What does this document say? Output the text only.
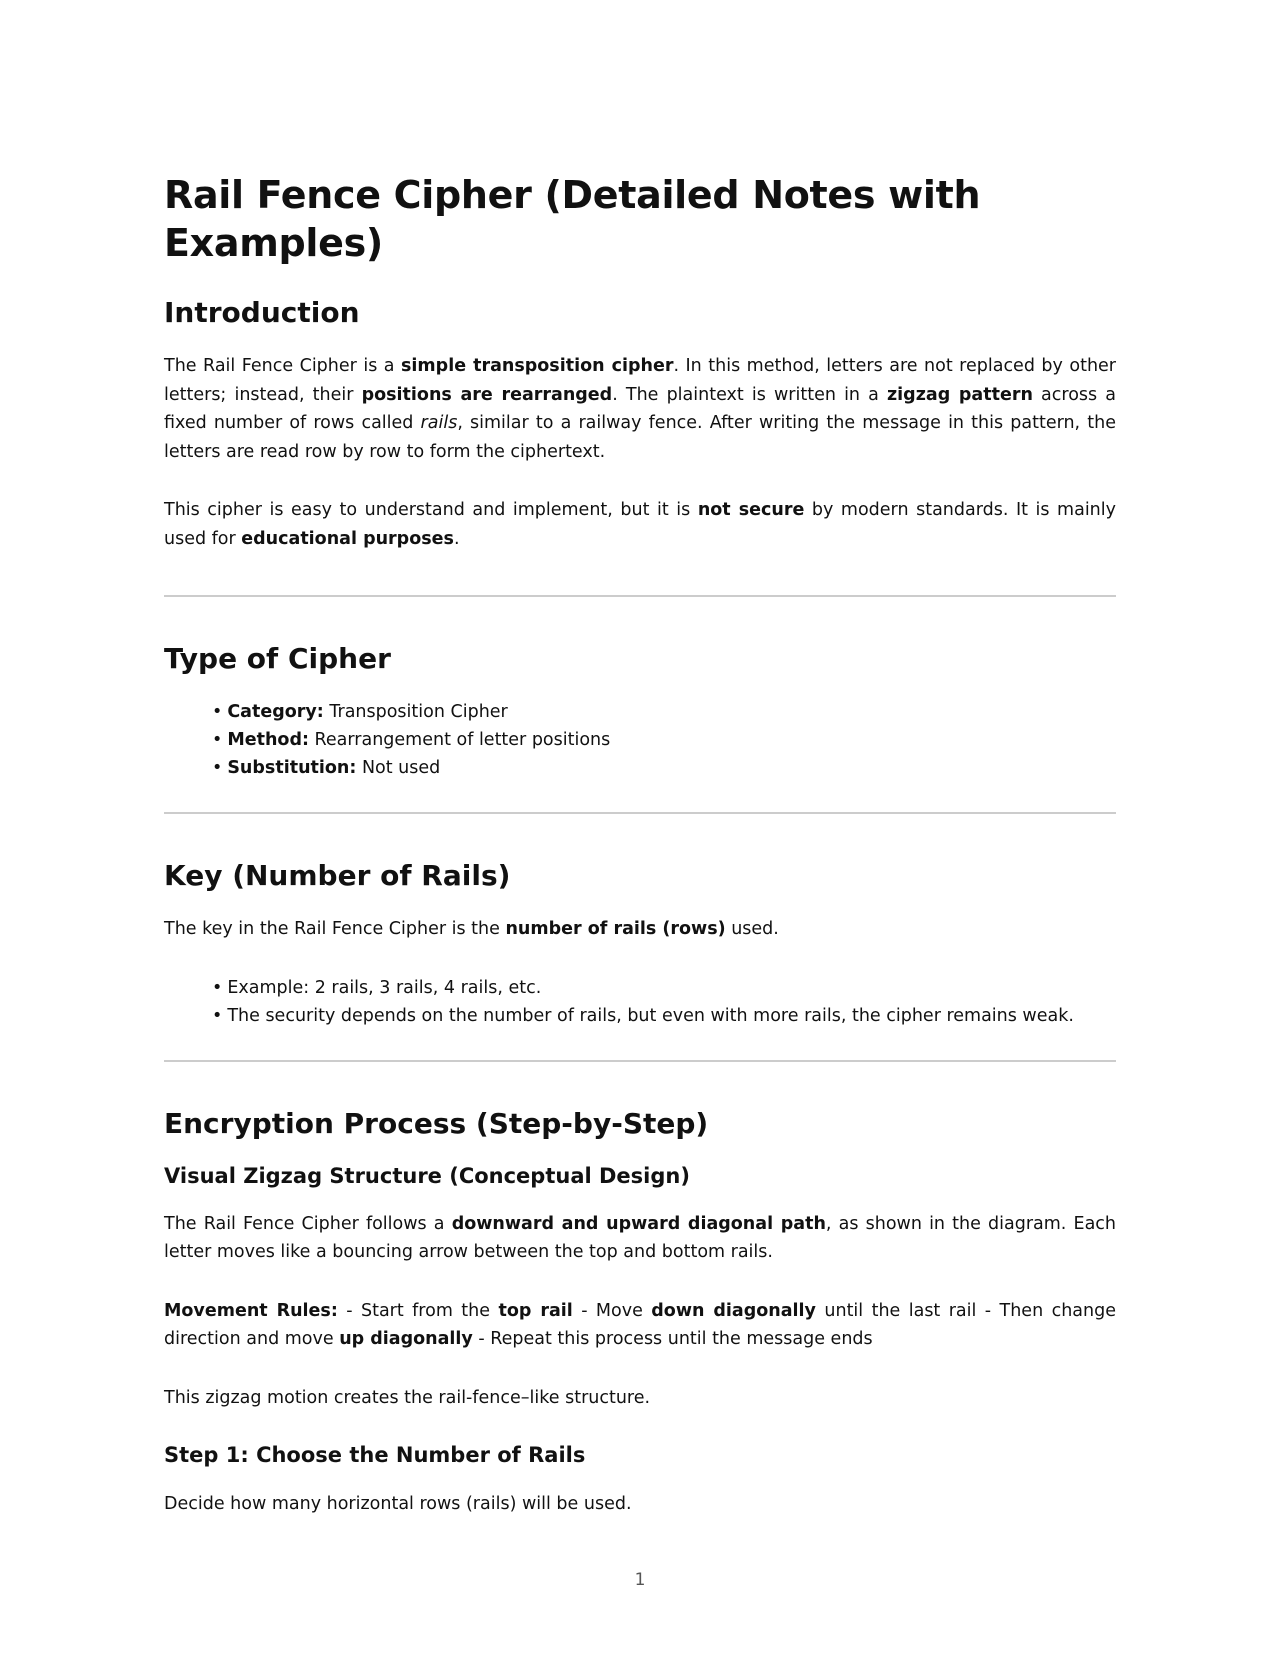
Rail Fence Cipher (Detailed Notes with Examples)
Introduction

The Rail Fence Cipher is a simple transposition cipher. In this method, letters are not replaced by other letters; instead, their positions are rearranged. The plaintext is written in a zigzag pattern across a fixed number of rows called rails, similar to a railway fence. After writing the message in this pattern, the letters are read row by row to form the ciphertext.

This cipher is easy to understand and implement, but it is not secure by modern standards. It is mainly used for educational purposes.

Type of Cipher
• Category: Transposition Cipher
• Method: Rearrangement of letter positions
• Substitution: Not used
Key (Number of Rails)

The key in the Rail Fence Cipher is the number of rails (rows) used.

• Example: 2 rails, 3 rails, 4 rails, etc.
• The security depends on the number of rails, but even with more rails, the cipher remains weak.
Encryption Process (Step-by-Step)
Visual Zigzag Structure (Conceptual Design)

The Rail Fence Cipher follows a downward and upward diagonal path, as shown in the diagram. Each letter moves like a bouncing arrow between the top and bottom rails.

Movement Rules: - Start from the top rail - Move down diagonally until the last rail - Then change direction and move up diagonally - Repeat this process until the message ends

This zigzag motion creates the rail-fence–like structure.

Step 1: Choose the Number of Rails

Decide how many horizontal rows (rails) will be used.

1
